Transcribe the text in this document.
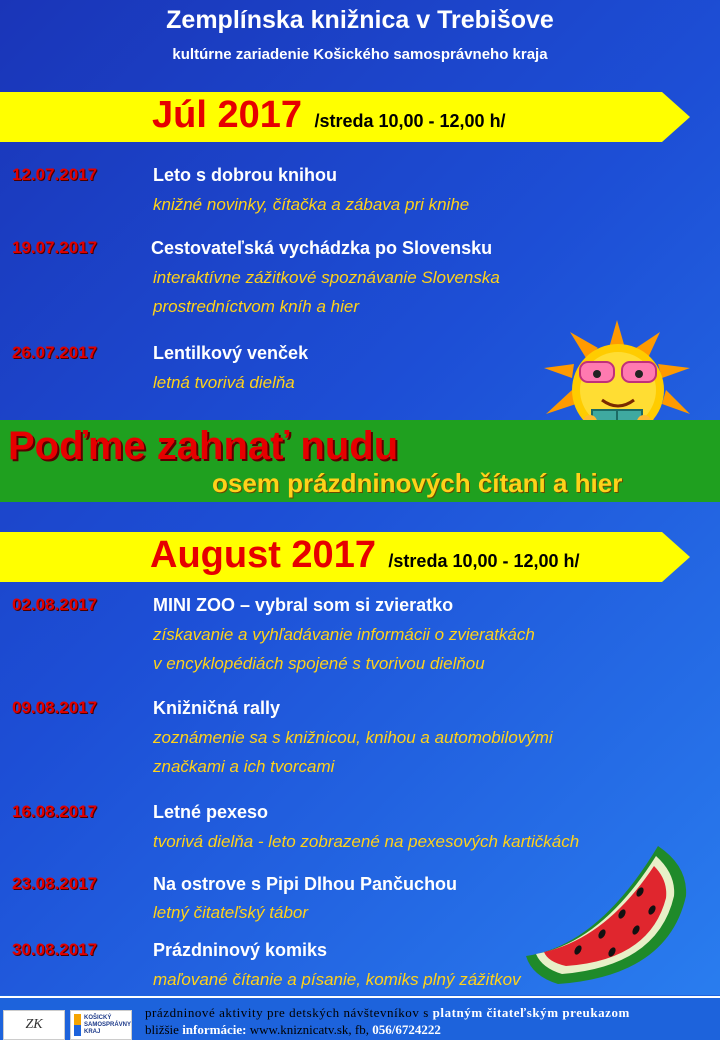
Zemplínska knižnica v Trebišove
kultúrne zariadenie Košického samosprávneho kraja
Júl 2017 /streda 10,00 - 12,00 h/
12.07.2017	Leto s dobrou knihou
knižné novinky, čítačka a zábava pri knihe
19.07.2017	Cestovateľská vychádzka po Slovensku
interaktívne zážitkové spoznávanie Slovenska
prostredníctvom kníh a hier
26.07.2017	Lentilkový venček
letná tvorivá dielňa
Poďme zahnať nudu
osem prázdninových čítaní a hier
August 2017 /streda 10,00 - 12,00 h/
02.08.2017	MINI ZOO – vybral som si zvieratko
získavanie a vyhľadávanie informácii o zvieratkách
v encyklopédiách spojené s tvorivou dielňou
09.08.2017	Knižničná rally
zoznámenie sa s knižnicou, knihou a automobilovými
značkami a ich tvorcami
16.08.2017	Letné pexeso
tvorivá dielňa - leto zobrazené na pexesových kartičkách
23.08.2017	Na ostrove s Pipi Dlhou Pančuchou
letný čitateľský tábor
30.08.2017	Prázdninový komiks
maľované čítanie a písanie, komiks plný zážitkov
ZK	KOŠICKÝ
SAMOSPRÁVNY
KRAJ
prázdninové aktivity pre detských návštevníkov s platným čitateľským preukazom
bližšie informácie: www.kniznicatv.sk, fb, 056/6724222
